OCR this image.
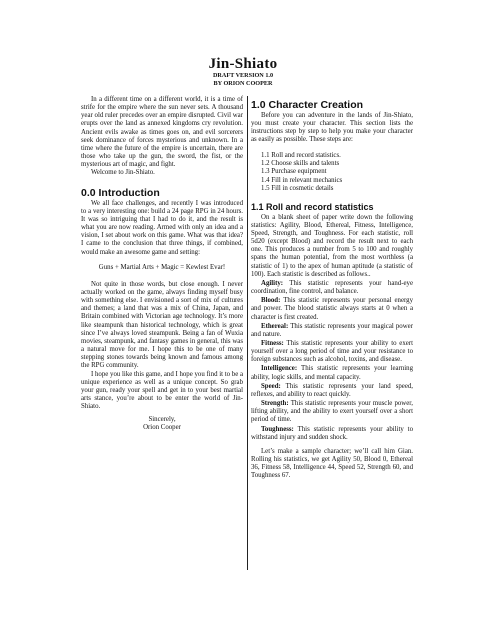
Jin-Shiato

DRAFT VERSION 1.0

BY ORION COOPER

In a different time on a different world, it is a time of strife for the empire where the sun never sets. A thousand year old ruler precedes over an empire disrupted. Civil war erupts over the land as annexed kingdoms cry revolution. Ancient evils awake as times goes on, and evil sorcerers seek dominance of forces mysterious and unknown. In a time where the future of the empire is uncertain, there are those who take up the gun, the sword, the fist, or the mysterious art of magic, and fight.

Welcome to Jin-Shiato.

0.0 Introduction

We all face challenges, and recently I was introduced to a very interesting one: build a 24 page RPG in 24 hours. It was so intriguing that I had to do it, and the result is what you are now reading. Armed with only an idea and a vision, I set about work on this game. What was that idea? I came to the conclusion that three things, if combined, would make an awesome game and setting:

Guns + Martial Arts + Magic = Kewlest Evar!

Not quite in those words, but close enough. I never actually worked on the game, always finding myself busy with something else. I envisioned a sort of mix of cultures and themes; a land that was a mix of China, Japan, and Britain combined with Victorian age technology. It’s more like steampunk than historical technology, which is great since I’ve always loved steampunk. Being a fan of Wuxia movies, steampunk, and fantasy games in general, this was a natural move for me. I hope this to be one of many stepping stones towards being known and famous among the RPG community.

I hope you like this game, and I hope you find it to be a unique experience as well as a unique concept. So grab your gun, ready your spell and get in to your best martial arts stance, you’re about to be enter the world of Jin-Shiato.

Sincerely,

Orion Cooper

1.0 Character Creation

Before you can adventure in the lands of Jin-Shiato, you must create your character. This section lists the instructions step by step to help you make your character as easily as possible. These steps are:

1.1 Roll and record statistics.
1.2 Choose skills and talents
1.3 Purchase equipment
1.4 Fill in relevant mechanics
1.5 Fill in cosmetic details
1.1 Roll and record statistics

On a blank sheet of paper write down the following statistics: Agility, Blood, Ethereal, Fitness, Intelligence, Speed, Strength, and Toughness. For each statistic, roll 5d20 (except Blood) and record the result next to each one. This produces a number from 5 to 100 and roughly spans the human potential, from the most worthless (a statistic of 1) to the apex of human aptitude (a statistic of 100). Each statistic is described as follows..

Agility: This statistic represents your hand-eye coordination, fine control, and balance.

Blood: This statistic represents your personal energy and power. The blood statistic always starts at 0 when a character is first created.

Ethereal: This statistic represents your magical power and nature.

Fitness: This statistic represents your ability to exert yourself over a long period of time and your resistance to foreign substances such as alcohol, toxins, and disease.

Intelligence: This statistic represents your learning ability, logic skills, and mental capacity.

Speed: This statistic represents your land speed, reflexes, and ability to react quickly.

Strength: This statistic represents your muscle power, lifting ability, and the ability to exert yourself over a short period of time.

Toughness: This statistic represents your ability to withstand injury and sudden shock.

Let’s make a sample character; we’ll call him Gian. Rolling his statistics, we get Agility 50, Blood 0, Ethereal 36, Fitness 58, Intelligence 44, Speed 52, Strength 60, and Toughness 67.
